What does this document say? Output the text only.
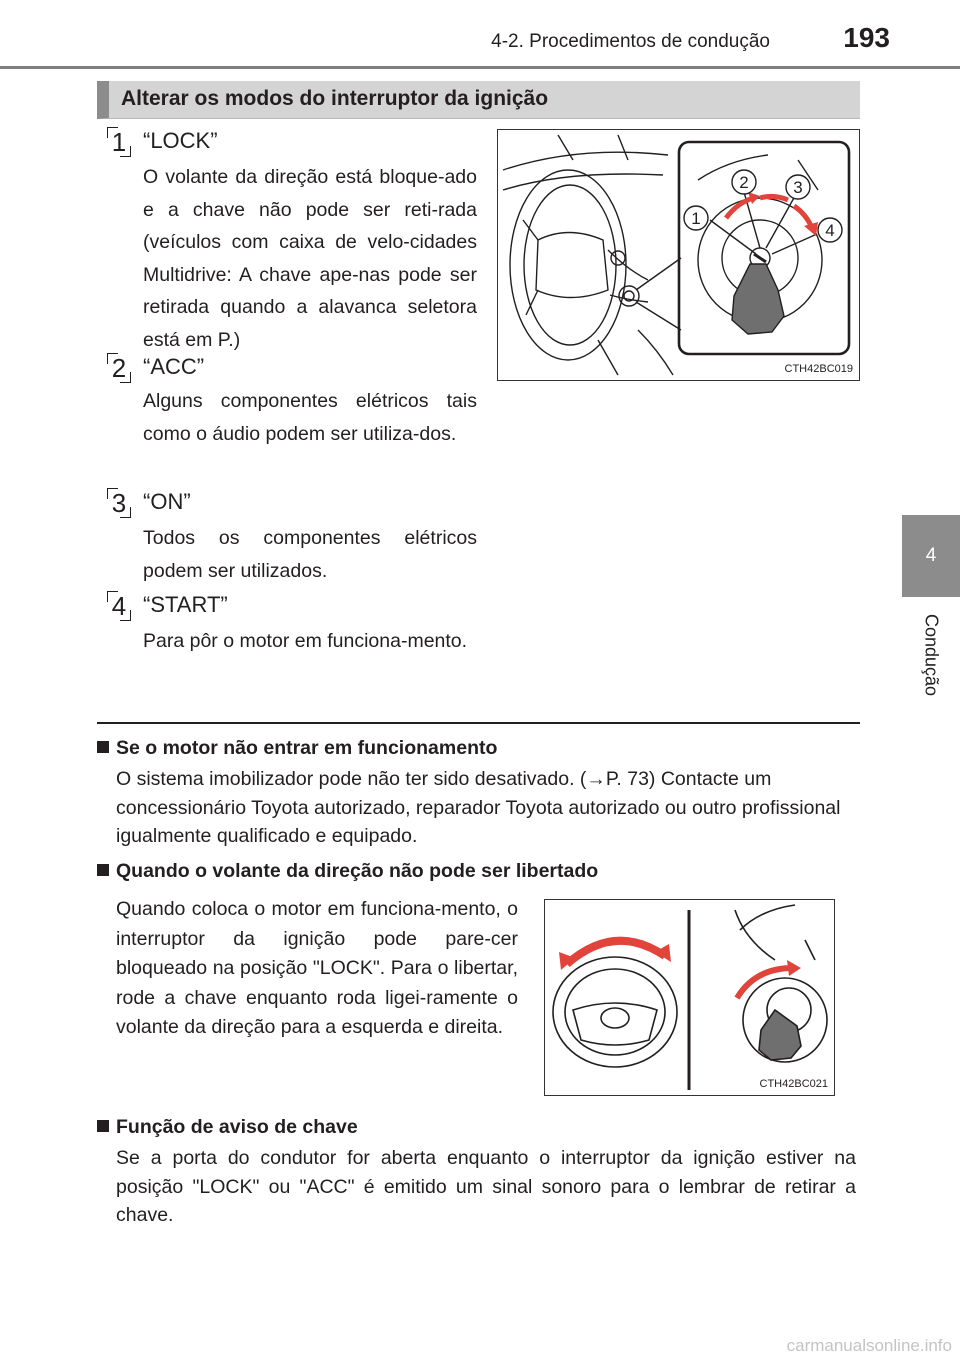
4-2. Procedimentos de condução	193
4
Condução
Alterar os modos do interruptor da ignição
1 “LOCK”
O volante da direção está bloque-ado e a chave não pode ser reti-rada (veículos com caixa de velo-cidades Multidrive: A chave ape-nas pode ser retirada quando a alavanca seletora está em P.)
2 “ACC”
Alguns componentes elétricos tais como o áudio podem ser utiliza-dos.
3 “ON”
Todos os componentes elétricos podem ser utilizados.
4 “START”
Para pôr o motor em funciona-mento.
1
2	3
4
CTH42BC019
Se o motor não entrar em funcionamento
O sistema imobilizador pode não ter sido desativado. (→P. 73) Contacte um concessionário Toyota autorizado, reparador Toyota autorizado ou outro profissional igualmente qualificado e equipado.
Quando o volante da direção não pode ser libertado
Quando coloca o motor em funciona-mento, o interruptor da ignição pode pare-cer bloqueado na posição "LOCK". Para o libertar, rode a chave enquanto roda ligei-ramente o volante da direção para a esquerda e direita.
CTH42BC021
Função de aviso de chave
Se a porta do condutor for aberta enquanto o interruptor da ignição estiver na posição "LOCK" ou "ACC" é emitido um sinal sonoro para o lembrar de retirar a chave.
carmanualsonline.info
